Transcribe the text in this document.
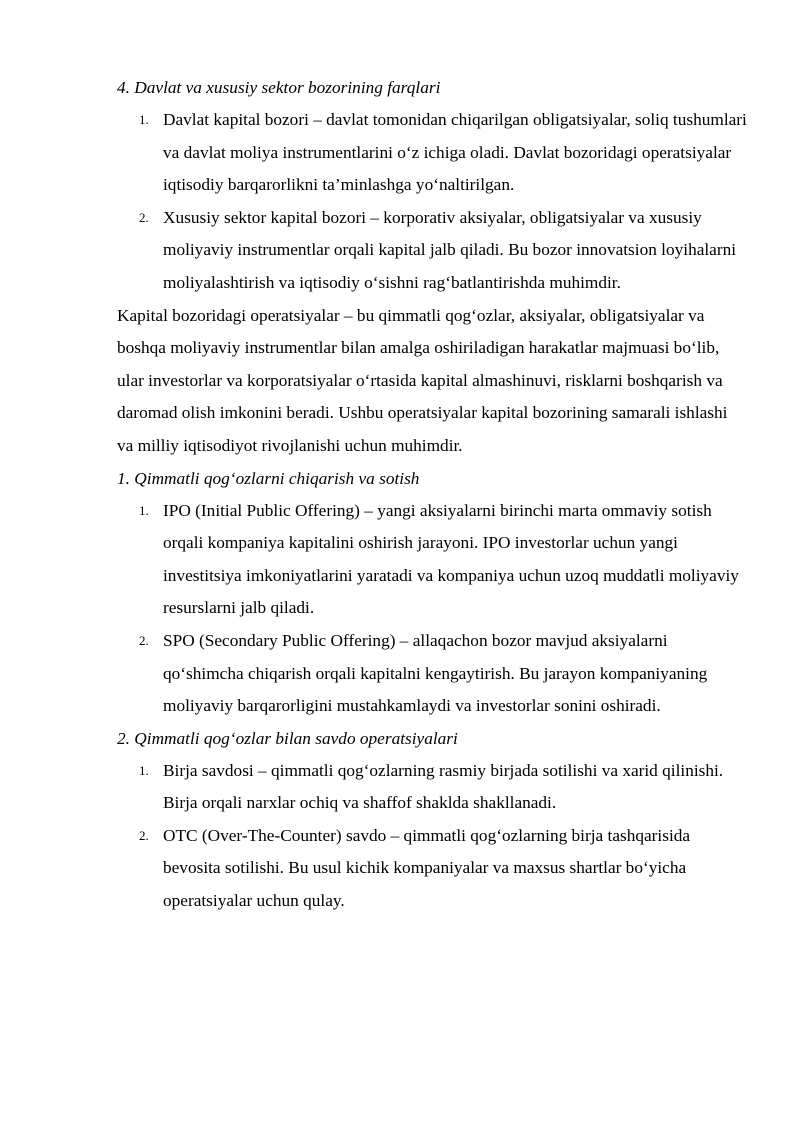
4. Davlat va xususiy sektor bozorining farqlari

1. Davlat kapital bozori – davlat tomonidan chiqarilgan obligatsiyalar, soliq tushumlari va davlat moliya instrumentlarini o‘z ichiga oladi. Davlat bozoridagi operatsiyalar iqtisodiy barqarorlikni ta’minlashga yo‘naltirilgan.
2. Xususiy sektor kapital bozori – korporativ aksiyalar, obligatsiyalar va xususiy moliyaviy instrumentlar orqali kapital jalb qiladi. Bu bozor innovatsion loyihalarni moliyalashtirish va iqtisodiy o‘sishni rag‘batlantirishda muhimdir.

Kapital bozoridagi operatsiyalar – bu qimmatli qog‘ozlar, aksiyalar, obligatsiyalar va boshqa moliyaviy instrumentlar bilan amalga oshiriladigan harakatlar majmuasi bo‘lib, ular investorlar va korporatsiyalar o‘rtasida kapital almashinuvi, risklarni boshqarish va daromad olish imkonini beradi. Ushbu operatsiyalar kapital bozorining samarali ishlashi va milliy iqtisodiyot rivojlanishi uchun muhimdir.

1. Qimmatli qog‘ozlarni chiqarish va sotish

1. IPO (Initial Public Offering) – yangi aksiyalarni birinchi marta ommaviy sotish orqali kompaniya kapitalini oshirish jarayoni. IPO investorlar uchun yangi investitsiya imkoniyatlarini yaratadi va kompaniya uchun uzoq muddatli moliyaviy resurslarni jalb qiladi.
2. SPO (Secondary Public Offering) – allaqachon bozor mavjud aksiyalarni qo‘shimcha chiqarish orqali kapitalni kengaytirish. Bu jarayon kompaniyaning moliyaviy barqarorligini mustahkamlaydi va investorlar sonini oshiradi.

2. Qimmatli qog‘ozlar bilan savdo operatsiyalari

1. Birja savdosi – qimmatli qog‘ozlarning rasmiy birjada sotilishi va xarid qilinishi. Birja orqali narxlar ochiq va shaffof shaklda shakllanadi.
2. OTC (Over-The-Counter) savdo – qimmatli qog‘ozlarning birja tashqarisida bevosita sotilishi. Bu usul kichik kompaniyalar va maxsus shartlar bo‘yicha operatsiyalar uchun qulay.
